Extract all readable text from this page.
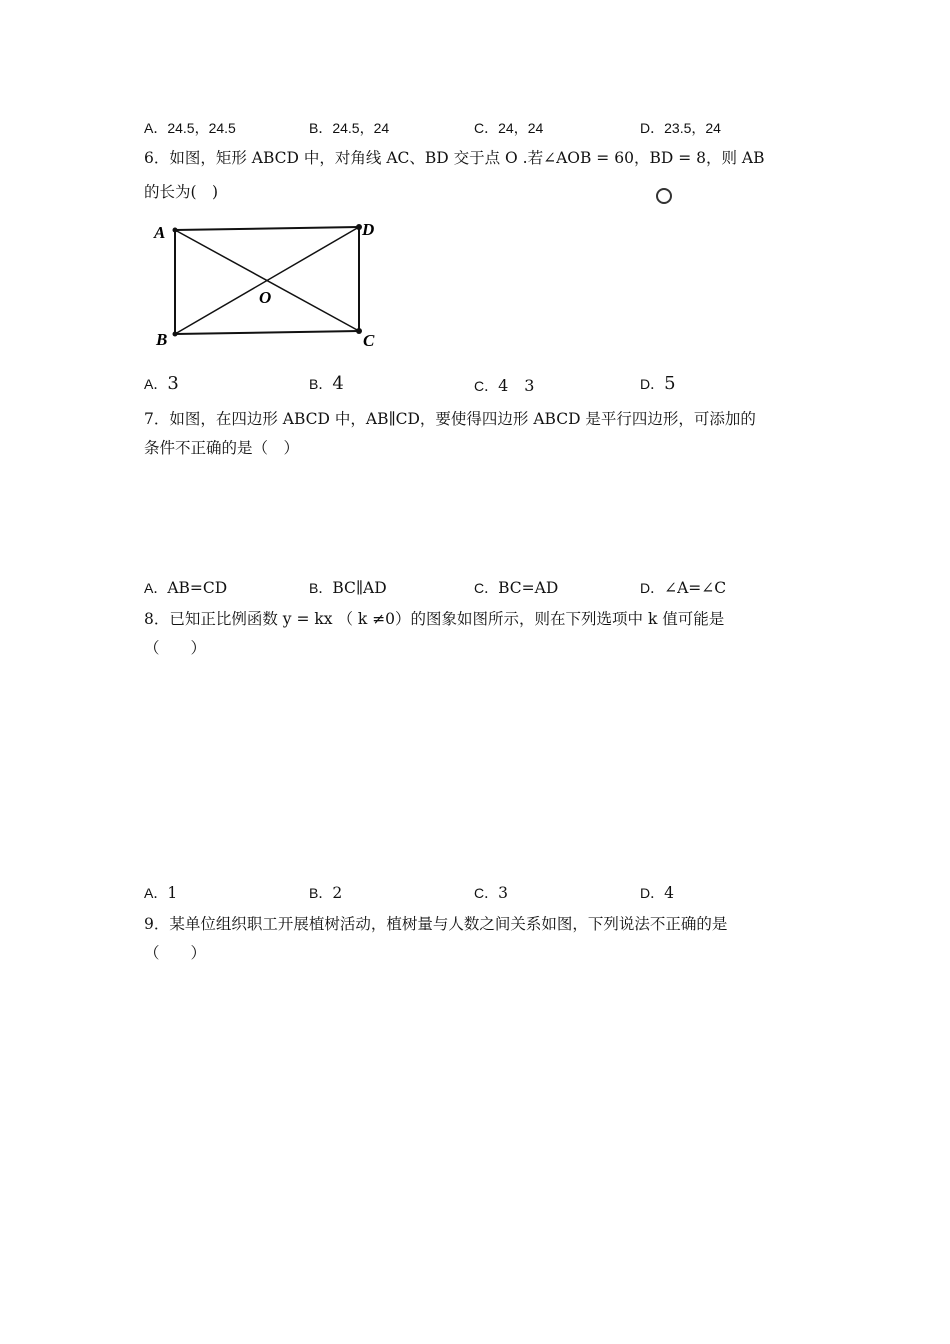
A．24.5，24.5	B．24.5，24	C．24，24	D．23.5，24
6．如图，矩形 ABCD 中，对角线 AC、BD 交于点 O .若∠AOB = 60，BD = 8，则 AB
的长为(　)
A	D
B	C
O
A．3	B．4	C．4　3	D．5
7．如图，在四边形 ABCD 中，AB∥CD，要使得四边形 ABCD 是平行四边形，可添加的
条件不正确的是（　）
A．AB=CD	B．BC∥AD	C．BC=AD	D．∠A=∠C
8．已知正比例函数 y = kx （ k ≠0）的图象如图所示，则在下列选项中 k 值可能是
（　　）
A．1	B．2	C．3	D．4
9．某单位组织职工开展植树活动，植树量与人数之间关系如图，下列说法不正确的是
（　　）
